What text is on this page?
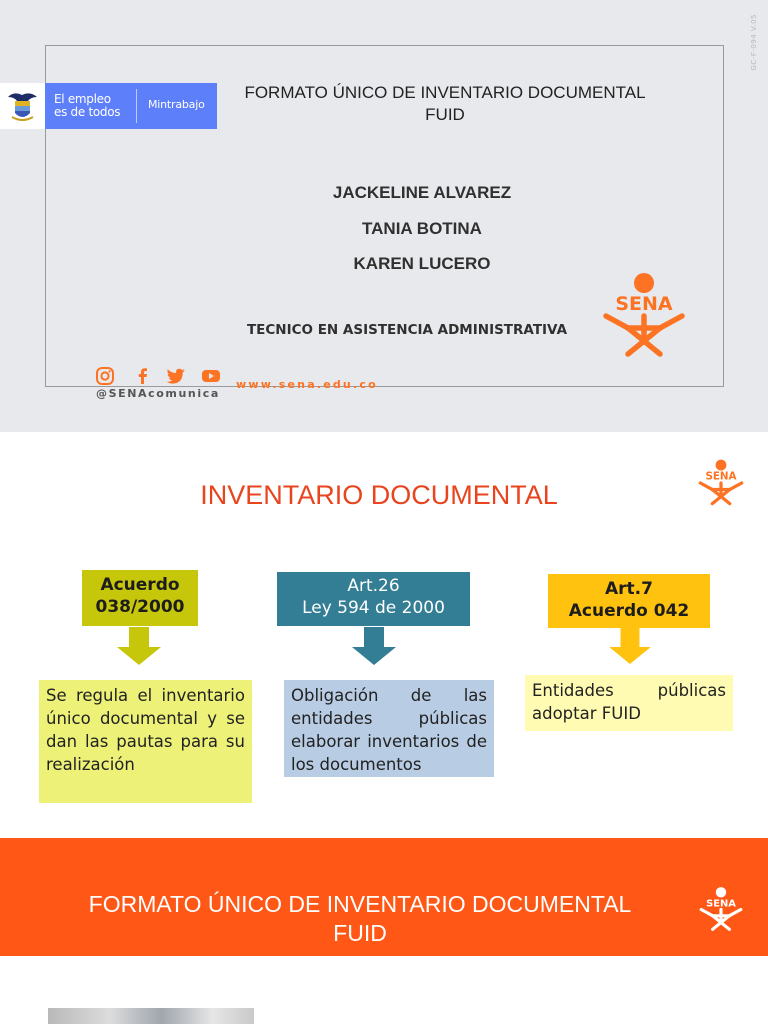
GC-F-094 V.05
El empleo
es de todos
Mintrabajo
FORMATO ÚNICO DE INVENTARIO DOCUMENTAL
FUID
JACKELINE ALVAREZ
TANIA BOTINA
KAREN LUCERO
TECNICO EN ASISTENCIA ADMINISTRATIVA
SENA
@SENAcomunica
www.sena.edu.co
SENA
INVENTARIO DOCUMENTAL
Acuerdo
038/2000
Se regula el inventario único documental y se dan las pautas para su realización
Art.26
Ley 594 de 2000
Obligación de las entidades públicas elaborar inventarios de los documentos
Art.7
Acuerdo 042
Entidades públicas adoptar FUID
FORMATO ÚNICO DE INVENTARIO DOCUMENTAL
FUID
SENA
